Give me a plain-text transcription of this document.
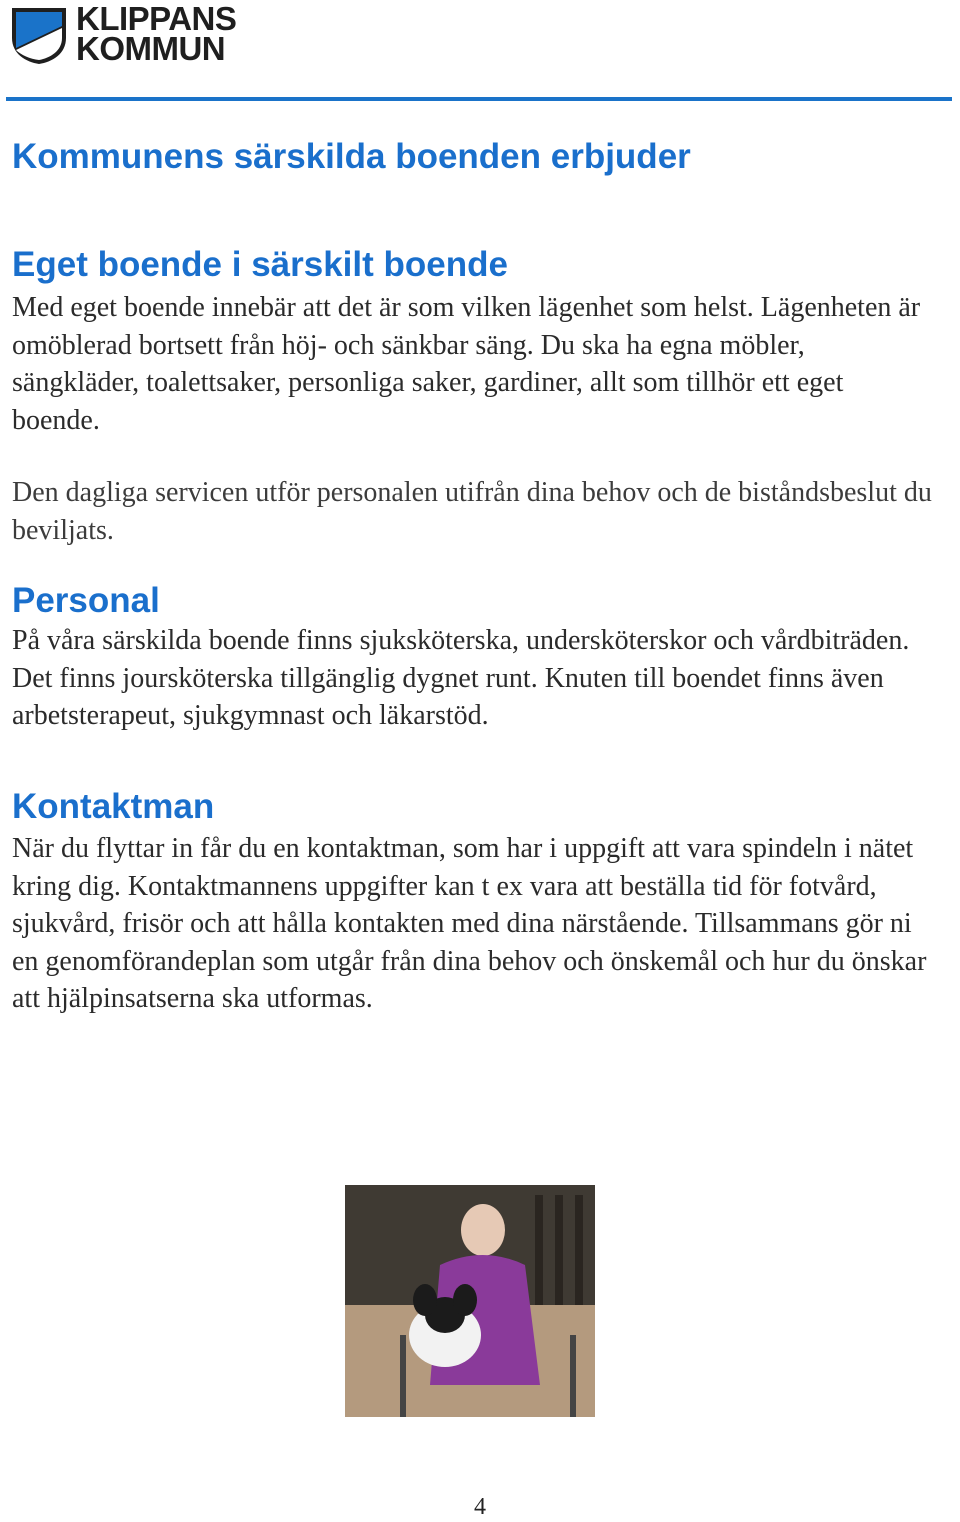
KLIPPANS
KOMMUN
Kommunens särskilda boenden erbjuder
Eget boende i särskilt boende

Med eget boende innebär att det är som vilken lägenhet som helst. Lägenheten är omöblerad bortsett från höj- och sänkbar säng. Du ska ha egna möbler, sängkläder, toalettsaker, personliga saker, gardiner, allt som tillhör ett eget boende.

Den dagliga servicen utför personalen utifrån dina behov och de biståndsbeslut du beviljats.

Personal

På våra särskilda boende finns sjuksköterska, undersköterskor och vårdbiträden. Det finns joursköterska tillgänglig dygnet runt. Knuten till boendet finns även arbetsterapeut, sjukgymnast och läkarstöd.

Kontaktman

När du flyttar in får du en kontaktman, som har i uppgift att vara spindeln i nätet kring dig. Kontaktmannens uppgifter kan t ex vara att beställa tid för fotvård, sjukvård, frisör och att hålla kontakten med dina närstående. Tillsammans gör ni en genomförandeplan som utgår från dina behov och önskemål och hur du önskar att hjälpinsatserna ska utformas.

4
